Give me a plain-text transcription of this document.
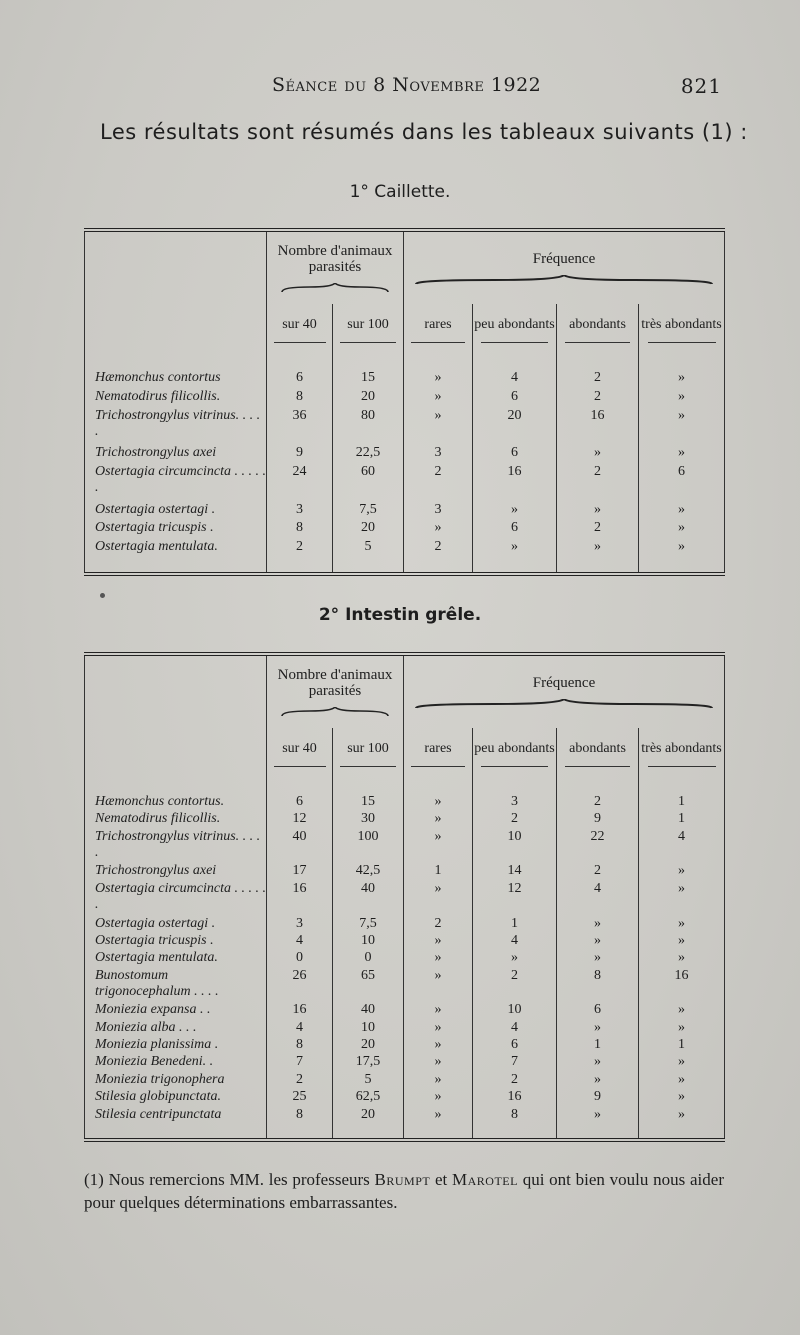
Séance du 8 Novembre 1922	821
Les résultats sont résumés dans les tableaux suivants (1) :
1° Caillette.
	Nombre d'animaux parasités		Fréquence			

	sur 40	sur 100	rares	peu abondants	abondants	très abondants

Hæmonchus contortus	6	15	»	4	2	»
Nematodirus filicollis.	8	20	»	6	2	»
Trichostrongylus vitrinus. . . . .	36	80	»	20	16	»
Trichostrongylus axei	9	22,5	3	6	»	»
Ostertagia circumcincta . . . . . .	24	60	2	16	2	6
Ostertagia ostertagi .	3	7,5	3	»	»	»
Ostertagia tricuspis .	8	20	»	6	2	»
Ostertagia mentulata.	2	5	2	»	»	»

2° Intestin grêle.
	Nombre d'animaux parasités		Fréquence			

	sur 40	sur 100	rares	peu abondants	abondants	très abondants

Hæmonchus contortus.	6	15	»	3	2	1
Nematodirus filicollis.	12	30	»	2	9	1
Trichostrongylus vitrinus. . . . .	40	100	»	10	22	4
Trichostrongylus axei	17	42,5	1	14	2	»
Ostertagia circumcincta . . . . . .	16	40	»	12	4	»
Ostertagia ostertagi .	3	7,5	2	1	»	»
Ostertagia tricuspis .	4	10	»	4	»	»
Ostertagia mentulata.	0	0	»	»	»	»
Bunostomum trigonocephalum . . . .	26	65	»	2	8	16
Moniezia expansa . .	16	40	»	10	6	»
Moniezia alba . . .	4	10	»	4	»	»
Moniezia planissima .	8	20	»	6	1	1
Moniezia Benedeni. .	7	17,5	»	7	»	»
Moniezia trigonophera	2	5	»	2	»	»
Stilesia globipunctata.	25	62,5	»	16	9	»
Stilesia centripunctata	8	20	»	8	»	»

(1) Nous remercions MM. les professeurs Brumpt et Marotel qui ont bien voulu nous aider pour quelques déterminations embarrassantes.
